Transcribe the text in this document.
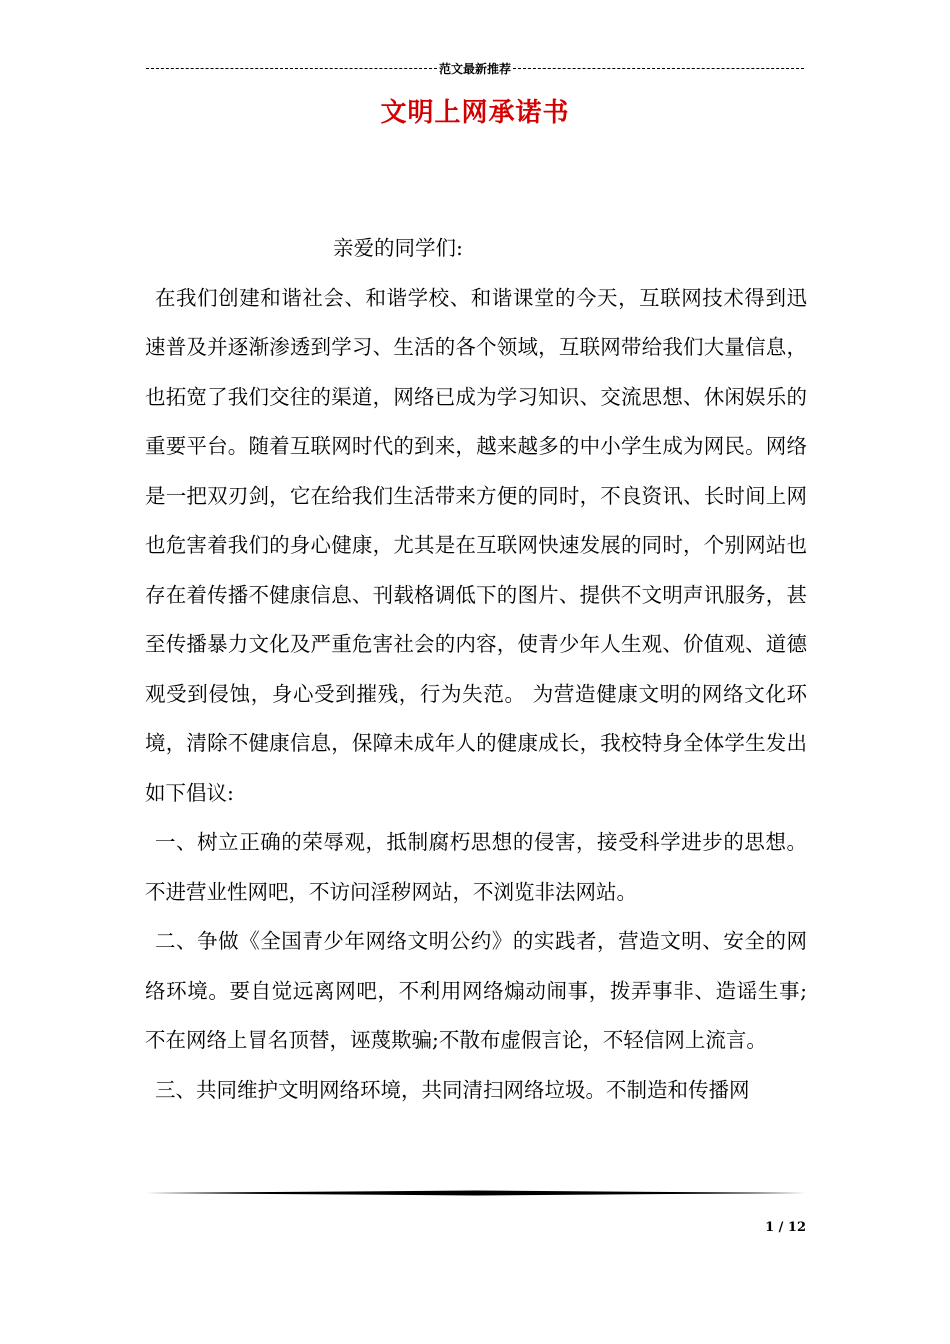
范文最新推荐
文明上网承诺书

亲爱的同学们:

在我们创建和谐社会、和谐学校、和谐课堂的今天，互联网技术得到迅速普及并逐渐渗透到学习、生活的各个领域，互联网带给我们大量信息，也拓宽了我们交往的渠道，网络已成为学习知识、交流思想、休闲娱乐的重要平台。随着互联网时代的到来，越来越多的中小学生成为网民。网络是一把双刃剑，它在给我们生活带来方便的同时，不良资讯、长时间上网也危害着我们的身心健康，尤其是在互联网快速发展的同时，个别网站也存在着传播不健康信息、刊载格调低下的图片、提供不文明声讯服务，甚至传播暴力文化及严重危害社会的内容，使青少年人生观、价值观、道德观受到侵蚀，身心受到摧残，行为失范。 为营造健康文明的网络文化环境，清除不健康信息，保障未成年人的健康成长，我校特身全体学生发出如下倡议:

一、树立正确的荣辱观，抵制腐朽思想的侵害，接受科学进步的思想。不进营业性网吧，不访问淫秽网站，不浏览非法网站。

二、争做《全国青少年网络文明公约》的实践者，营造文明、安全的网络环境。要自觉远离网吧，不利用网络煽动闹事，拨弄事非、造谣生事;不在网络上冒名顶替，诬蔑欺骗;不散布虚假言论，不轻信网上流言。

三、共同维护文明网络环境，共同清扫网络垃圾。不制造和传播网

1 / 12
